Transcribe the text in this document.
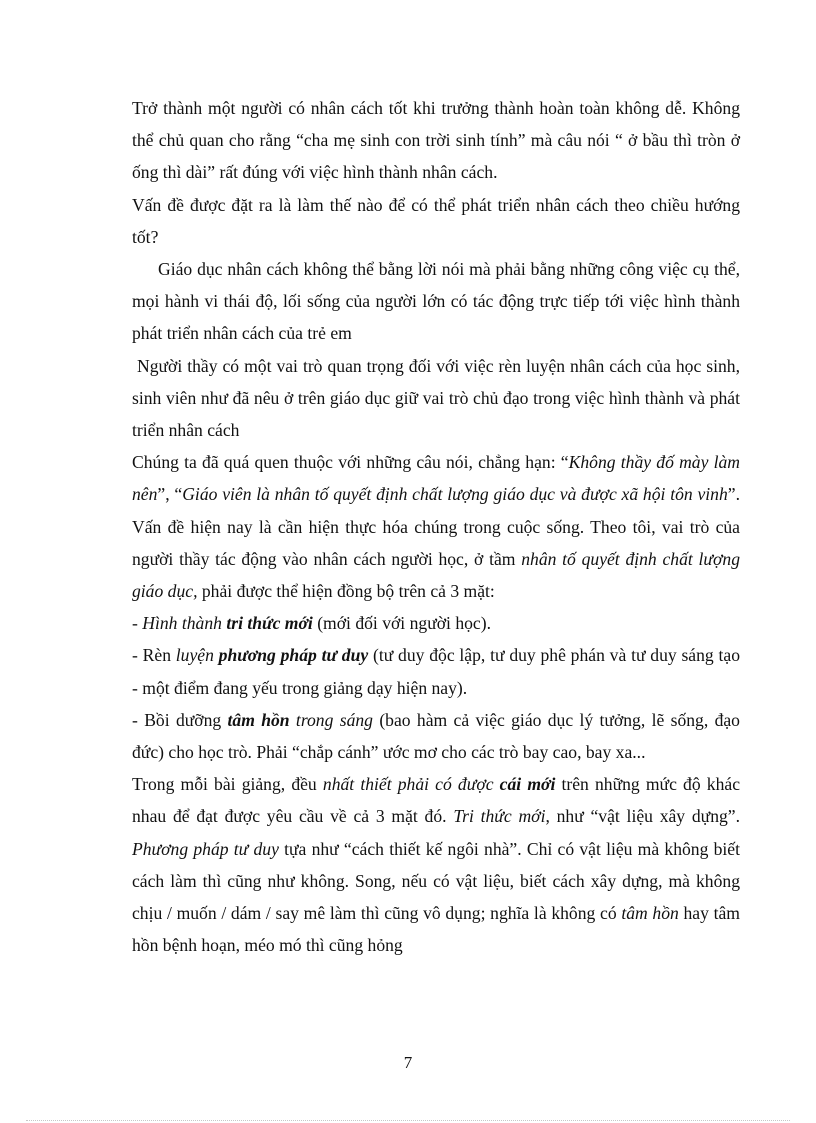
Trở thành một người có nhân cách tốt khi trưởng thành hoàn toàn không dễ. Không thể chủ quan cho rằng “cha mẹ sinh con trời sinh tính” mà câu nói “ ở bầu thì tròn ở ống thì dài” rất đúng với việc hình thành nhân cách.

Vấn đề được đặt ra là làm thế nào để có thể phát triển nhân cách theo chiều hướng tốt?

Giáo dục nhân cách không thể bằng lời nói mà phải bằng những công việc cụ thể, mọi hành vi thái độ, lối sống của người lớn có tác động trực tiếp tới việc hình thành phát triển nhân cách của trẻ em

Người thầy có một vai trò quan trọng đối với việc rèn luyện nhân cách của học sinh, sinh viên như đã nêu ở trên giáo dục giữ vai trò chủ đạo trong việc hình thành và phát triển nhân cách

Chúng ta đã quá quen thuộc với những câu nói, chẳng hạn: “Không thầy đố mày làm nên”, “Giáo viên là nhân tố quyết định chất lượng giáo dục và được xã hội tôn vinh”. Vấn đề hiện nay là cần hiện thực hóa chúng trong cuộc sống. Theo tôi, vai trò của người thầy tác động vào nhân cách người học, ở tầm nhân tố quyết định chất lượng giáo dục, phải được thể hiện đồng bộ trên cả 3 mặt:

- Hình thành tri thức mới (mới đối với người học).

- Rèn luyện phương pháp tư duy (tư duy độc lập, tư duy phê phán và tư duy sáng tạo - một điểm đang yếu trong giảng dạy hiện nay).

- Bồi dưỡng tâm hồn trong sáng (bao hàm cả việc giáo dục lý tưởng, lẽ sống, đạo đức) cho học trò. Phải “chắp cánh” ước mơ cho các trò bay cao, bay xa...

Trong mỗi bài giảng, đều nhất thiết phải có được cái mới trên những mức độ khác nhau để đạt được yêu cầu về cả 3 mặt đó. Tri thức mới, như “vật liệu xây dựng”. Phương pháp tư duy tựa như “cách thiết kế ngôi nhà”. Chỉ có vật liệu mà không biết cách làm thì cũng như không. Song, nếu có vật liệu, biết cách xây dựng, mà không chịu / muốn / dám / say mê làm thì cũng vô dụng; nghĩa là không có tâm hồn hay tâm hồn bệnh hoạn, méo mó thì cũng hỏng

7
